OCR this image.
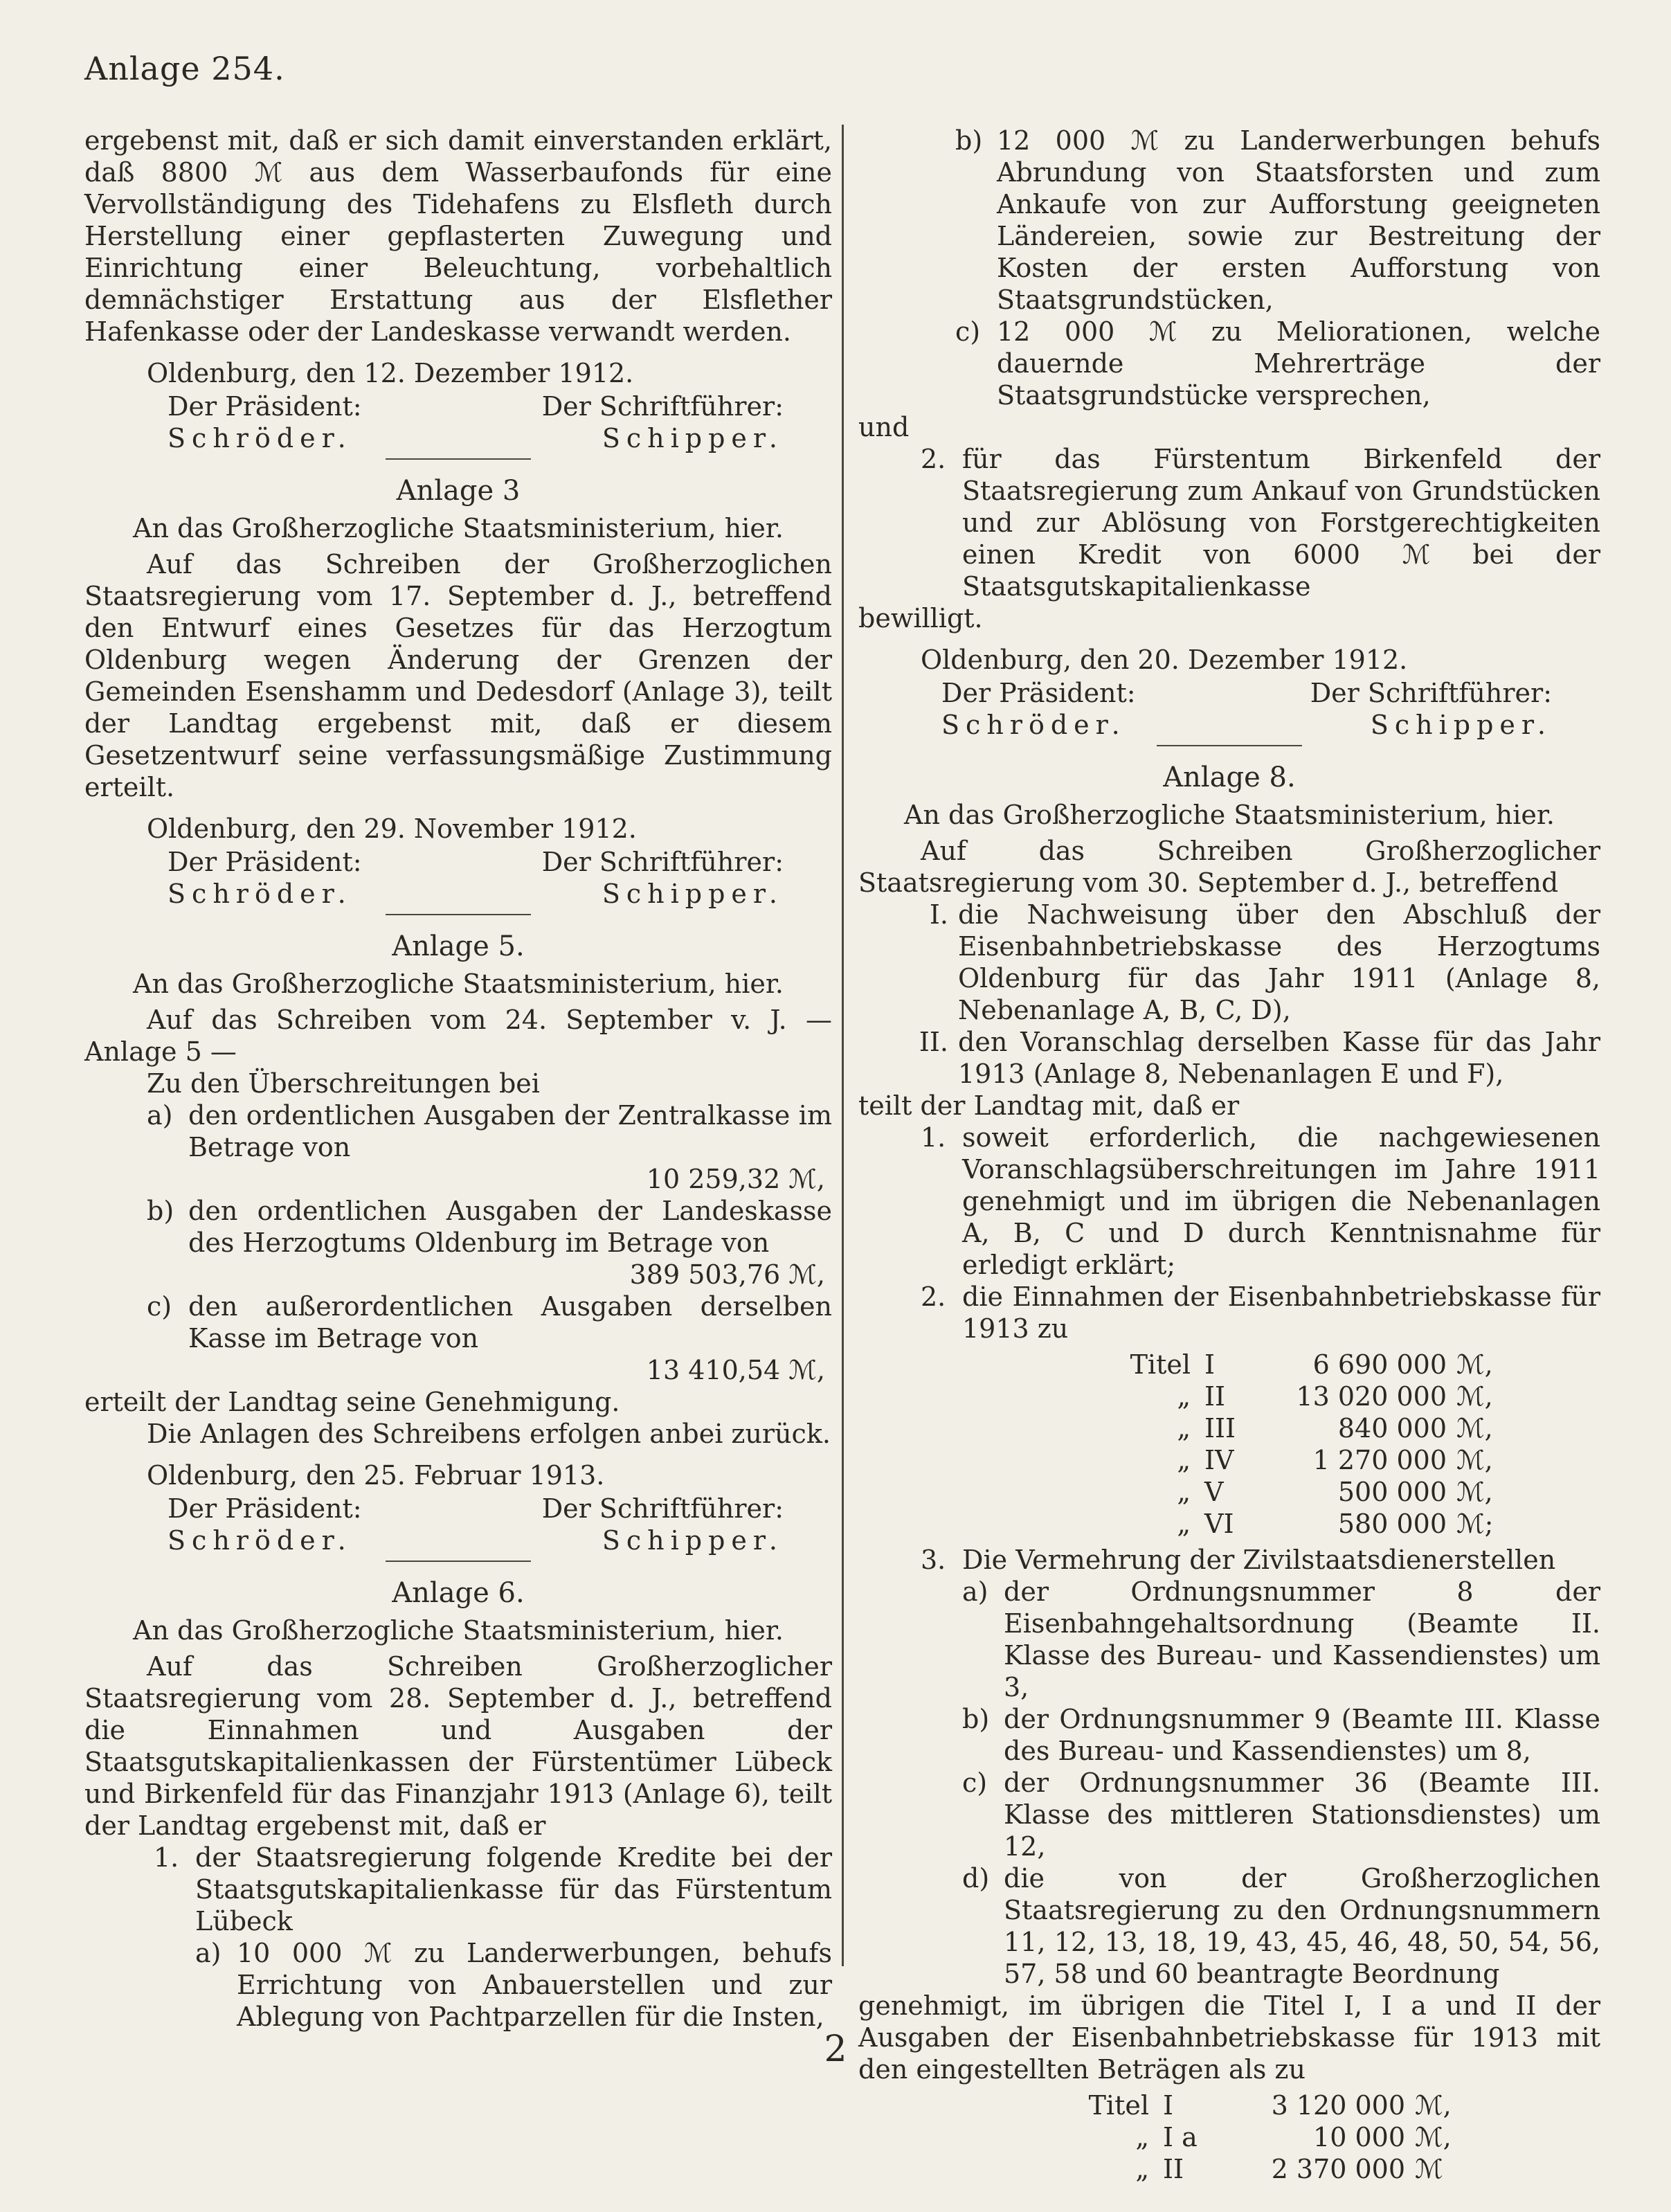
Anlage 254.

ergebenst mit, daß er sich damit einverstanden erklärt, daß 8800 ℳ aus dem Wasserbaufonds für eine Vervollständigung des Tidehafens zu Elsfleth durch Herstellung einer gepflasterten Zuwegung und Einrichtung einer Beleuchtung, vorbehaltlich demnächstiger Erstattung aus der Elsflether Hafenkasse oder der Landeskasse verwandt werden.

Oldenburg, den 12. Dezember 1912.
Der Präsident:	Der Schriftführer:
Schröder.	Schipper.
Anlage 3
An das Großherzogliche Staatsministerium, hier.

Auf das Schreiben der Großherzoglichen Staatsregierung vom 17. September d. J., betreffend den Entwurf eines Gesetzes für das Herzogtum Oldenburg wegen Änderung der Grenzen der Gemeinden Esenshamm und Dedesdorf (Anlage 3), teilt der Landtag ergebenst mit, daß er diesem Gesetzentwurf seine verfassungsmäßige Zustimmung erteilt.

Oldenburg, den 29. November 1912.
Der Präsident:	Der Schriftführer:
Schröder.	Schipper.
Anlage 5.
An das Großherzogliche Staatsministerium, hier.

Auf das Schreiben vom 24. September v. J. — Anlage 5 —

Zu den Überschreitungen bei

a) den ordentlichen Ausgaben der Zentralkasse im Betrage von
10 259,32 ℳ,
b) den ordentlichen Ausgaben der Landeskasse des Herzogtums Oldenburg im Betrage von
389 503,76 ℳ,
c) den außerordentlichen Ausgaben derselben Kasse im Betrage von
13 410,54 ℳ,

erteilt der Landtag seine Genehmigung.

Die Anlagen des Schreibens erfolgen anbei zurück.

Oldenburg, den 25. Februar 1913.
Der Präsident:	Der Schriftführer:
Schröder.	Schipper.
Anlage 6.
An das Großherzogliche Staatsministerium, hier.

Auf das Schreiben Großherzoglicher Staatsregierung vom 28. September d. J., betreffend die Einnahmen und Ausgaben der Staatsgutskapitalienkassen der Fürstentümer Lübeck und Birkenfeld für das Finanzjahr 1913 (Anlage 6), teilt der Landtag ergebenst mit, daß er

1. der Staatsregierung folgende Kredite bei der Staatsgutskapitalienkasse für das Fürstentum Lübeck
a) 10 000 ℳ zu Landerwerbungen, behufs Errichtung von Anbauerstellen und zur Ablegung von Pachtparzellen für die Insten,
b) 12 000 ℳ zu Landerwerbungen behufs Abrundung von Staatsforsten und zum Ankaufe von zur Aufforstung geeigneten Ländereien, sowie zur Bestreitung der Kosten der ersten Aufforstung von Staatsgrundstücken,
c) 12 000 ℳ zu Meliorationen, welche dauernde Mehrerträge der Staatsgrundstücke versprechen,

und

2. für das Fürstentum Birkenfeld der Staatsregierung zum Ankauf von Grundstücken und zur Ablösung von Forstgerechtigkeiten einen Kredit von 6000 ℳ bei der Staatsgutskapitalienkasse

bewilligt.

Oldenburg, den 20. Dezember 1912.
Der Präsident:	Der Schriftführer:
Schröder.	Schipper.
Anlage 8.
An das Großherzogliche Staatsministerium, hier.

Auf das Schreiben Großherzoglicher Staatsregierung vom 30. September d. J., betreffend

I. die Nachweisung über den Abschluß der Eisenbahnbetriebskasse des Herzogtums Oldenburg für das Jahr 1911 (Anlage 8, Nebenanlage A, B, C, D),
II. den Voranschlag derselben Kasse für das Jahr 1913 (Anlage 8, Nebenanlagen E und F),

teilt der Landtag mit, daß er

1. soweit erforderlich, die nachgewiesenen Voranschlagsüberschreitungen im Jahre 1911 genehmigt und im übrigen die Nebenanlagen A, B, C und D durch Kenntnisnahme für erledigt erklärt;
2. die Einnahmen der Eisenbahnbetriebskasse für 1913 zu
Titel I	6 690 000 ℳ,
„ II	13 020 000 ℳ,
„ III	840 000 ℳ,
„ IV	1 270 000 ℳ,
„ V	500 000 ℳ,
„ VI	580 000 ℳ;
3. Die Vermehrung der Zivilstaatsdienerstellen
a) der Ordnungsnummer 8 der Eisenbahngehaltsordnung (Beamte II. Klasse des Bureau- und Kassendienstes) um 3,
b) der Ordnungsnummer 9 (Beamte III. Klasse des Bureau- und Kassendienstes) um 8,
c) der Ordnungsnummer 36 (Beamte III. Klasse des mittleren Stationsdienstes) um 12,
d) die von der Großherzoglichen Staatsregierung zu den Ordnungsnummern 11, 12, 13, 18, 19, 43, 45, 46, 48, 50, 54, 56, 57, 58 und 60 beantragte Beordnung

genehmigt, im übrigen die Titel I, I a und II der Ausgaben der Eisenbahnbetriebskasse für 1913 mit den eingestellten Beträgen als zu

Titel I	3 120 000 ℳ,
„ I a	10 000 ℳ,
„ II	2 370 000 ℳ
2
